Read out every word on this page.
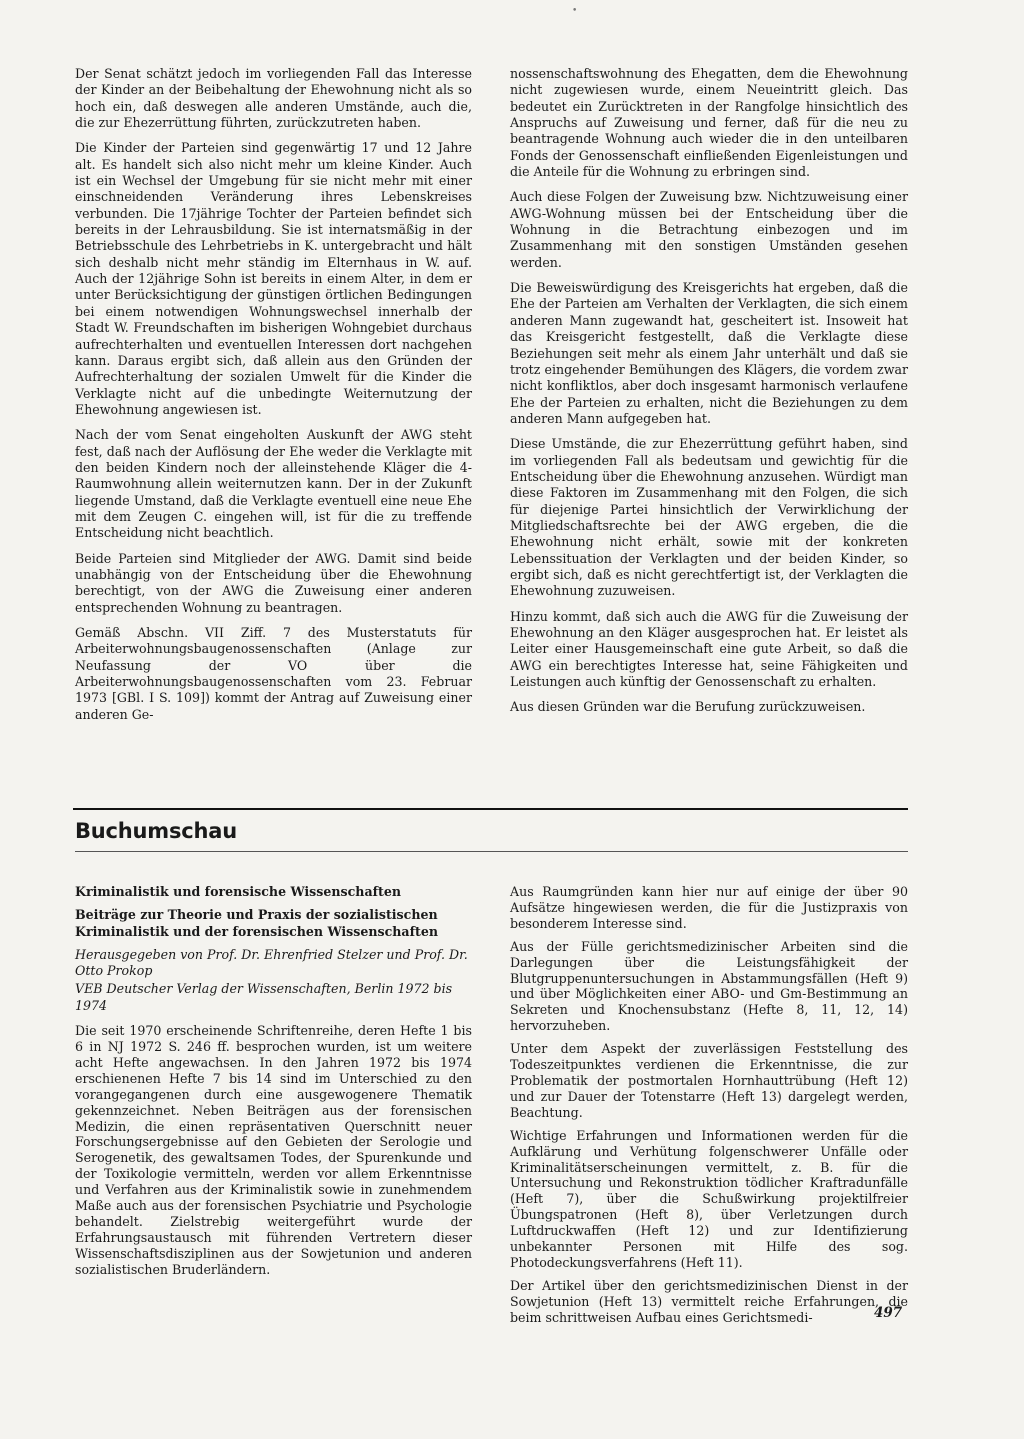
•

Der Senat schätzt jedoch im vorliegenden Fall das Interesse der Kinder an der Beibehaltung der Ehewohnung nicht als so hoch ein, daß deswegen alle anderen Umstände, auch die, die zur Ehezerrüttung führten, zurückzutreten haben.

Die Kinder der Parteien sind gegenwärtig 17 und 12 Jahre alt. Es handelt sich also nicht mehr um kleine Kinder. Auch ist ein Wechsel der Umgebung für sie nicht mehr mit einer einschneidenden Veränderung ihres Lebenskreises verbunden. Die 17jährige Tochter der Parteien befindet sich bereits in der Lehrausbildung. Sie ist internatsmäßig in der Betriebsschule des Lehrbetriebs in K. untergebracht und hält sich deshalb nicht mehr ständig im Elternhaus in W. auf. Auch der 12jährige Sohn ist bereits in einem Alter, in dem er unter Berücksichtigung der günstigen örtlichen Bedingungen bei einem notwendigen Wohnungswechsel innerhalb der Stadt W. Freundschaften im bisherigen Wohngebiet durchaus aufrechterhalten und eventuellen Interessen dort nachgehen kann. Daraus ergibt sich, daß allein aus den Gründen der Aufrechterhaltung der sozialen Umwelt für die Kinder die Verklagte nicht auf die unbedingte Weiternutzung der Ehewohnung angewiesen ist.

Nach der vom Senat eingeholten Auskunft der AWG steht fest, daß nach der Auflösung der Ehe weder die Verklagte mit den beiden Kindern noch der alleinstehende Kläger die 4-Raumwohnung allein weiternutzen kann. Der in der Zukunft liegende Umstand, daß die Verklagte eventuell eine neue Ehe mit dem Zeugen C. eingehen will, ist für die zu treffende Entscheidung nicht beachtlich.

Beide Parteien sind Mitglieder der AWG. Damit sind beide unabhängig von der Entscheidung über die Ehewohnung berechtigt, von der AWG die Zuweisung einer anderen entsprechenden Wohnung zu beantragen.

Gemäß Abschn. VII Ziff. 7 des Musterstatuts für Arbeiterwohnungsbaugenossenschaften (Anlage zur Neufassung der VO über die Arbeiterwohnungsbaugenossenschaften vom 23. Februar 1973 [GBl. I S. 109]) kommt der Antrag auf Zuweisung einer anderen Ge-

nossenschaftswohnung des Ehegatten, dem die Ehewohnung nicht zugewiesen wurde, einem Neueintritt gleich. Das bedeutet ein Zurücktreten in der Rangfolge hinsichtlich des Anspruchs auf Zuweisung und ferner, daß für die neu zu beantragende Wohnung auch wieder die in den unteilbaren Fonds der Genossenschaft einfließenden Eigenleistungen und die Anteile für die Wohnung zu erbringen sind.

Auch diese Folgen der Zuweisung bzw. Nichtzuweisung einer AWG-Wohnung müssen bei der Entscheidung über die Wohnung in die Betrachtung einbezogen und im Zusammenhang mit den sonstigen Umständen gesehen werden.

Die Beweiswürdigung des Kreisgerichts hat ergeben, daß die Ehe der Parteien am Verhalten der Verklagten, die sich einem anderen Mann zugewandt hat, gescheitert ist. Insoweit hat das Kreisgericht festgestellt, daß die Verklagte diese Beziehungen seit mehr als einem Jahr unterhält und daß sie trotz eingehender Bemühungen des Klägers, die vordem zwar nicht konfliktlos, aber doch insgesamt harmonisch verlaufene Ehe der Parteien zu erhalten, nicht die Beziehungen zu dem anderen Mann aufgegeben hat.

Diese Umstände, die zur Ehezerrüttung geführt haben, sind im vorliegenden Fall als bedeutsam und gewichtig für die Entscheidung über die Ehewohnung anzusehen. Würdigt man diese Faktoren im Zusammenhang mit den Folgen, die sich für diejenige Partei hinsichtlich der Verwirklichung der Mitgliedschaftsrechte bei der AWG ergeben, die die Ehewohnung nicht erhält, sowie mit der konkreten Lebenssituation der Verklagten und der beiden Kinder, so ergibt sich, daß es nicht gerechtfertigt ist, der Verklagten die Ehewohnung zuzuweisen.

Hinzu kommt, daß sich auch die AWG für die Zuweisung der Ehewohnung an den Kläger ausgesprochen hat. Er leistet als Leiter einer Hausgemeinschaft eine gute Arbeit, so daß die AWG ein berechtigtes Interesse hat, seine Fähigkeiten und Leistungen auch künftig der Genossenschaft zu erhalten.

Aus diesen Gründen war die Berufung zurückzuweisen.

Buchumschau
Kriminalistik und forensische Wissenschaften
Beiträge zur Theorie und Praxis der sozialistischen Kriminalistik und der forensischen Wissenschaften
Herausgegeben von Prof. Dr. Ehrenfried Stelzer und Prof. Dr. Otto Prokop
VEB Deutscher Verlag der Wissenschaften, Berlin 1972 bis 1974

Die seit 1970 erscheinende Schriftenreihe, deren Hefte 1 bis 6 in NJ 1972 S. 246 ff. besprochen wurden, ist um weitere acht Hefte angewachsen. In den Jahren 1972 bis 1974 erschienenen Hefte 7 bis 14 sind im Unterschied zu den vorangegangenen durch eine ausgewogenere Thematik gekennzeichnet. Neben Beiträgen aus der forensischen Medizin, die einen repräsentativen Querschnitt neuer Forschungsergebnisse auf den Gebieten der Serologie und Serogenetik, des gewaltsamen Todes, der Spurenkunde und der Toxikologie vermitteln, werden vor allem Erkenntnisse und Verfahren aus der Kriminalistik sowie in zunehmendem Maße auch aus der forensischen Psychiatrie und Psychologie behandelt. Zielstrebig weitergeführt wurde der Erfahrungsaustausch mit führenden Vertretern dieser Wissenschaftsdisziplinen aus der Sowjetunion und anderen sozialistischen Bruderländern.

Aus Raumgründen kann hier nur auf einige der über 90 Aufsätze hingewiesen werden, die für die Justizpraxis von besonderem Interesse sind.

Aus der Fülle gerichtsmedizinischer Arbeiten sind die Darlegungen über die Leistungsfähigkeit der Blutgruppenuntersuchungen in Abstammungsfällen (Heft 9) und über Möglichkeiten einer ABO- und Gm-Bestimmung an Sekreten und Knochensubstanz (Hefte 8, 11, 12, 14) hervorzuheben.

Unter dem Aspekt der zuverlässigen Feststellung des Todeszeitpunktes verdienen die Erkenntnisse, die zur Problematik der postmortalen Hornhauttrübung (Heft 12) und zur Dauer der Totenstarre (Heft 13) dargelegt werden, Beachtung.

Wichtige Erfahrungen und Informationen werden für die Aufklärung und Verhütung folgenschwerer Unfälle oder Kriminalitätserscheinungen vermittelt, z. B. für die Untersuchung und Rekonstruktion tödlicher Kraftradunfälle (Heft 7), über die Schußwirkung projektilfreier Übungspatronen (Heft 8), über Verletzungen durch Luftdruckwaffen (Heft 12) und zur Identifizierung unbekannter Personen mit Hilfe des sog. Photodeckungsverfahrens (Heft 11).

Der Artikel über den gerichtsmedizinischen Dienst in der Sowjetunion (Heft 13) vermittelt reiche Erfahrungen, die beim schrittweisen Aufbau eines Gerichtsmedi-	497
